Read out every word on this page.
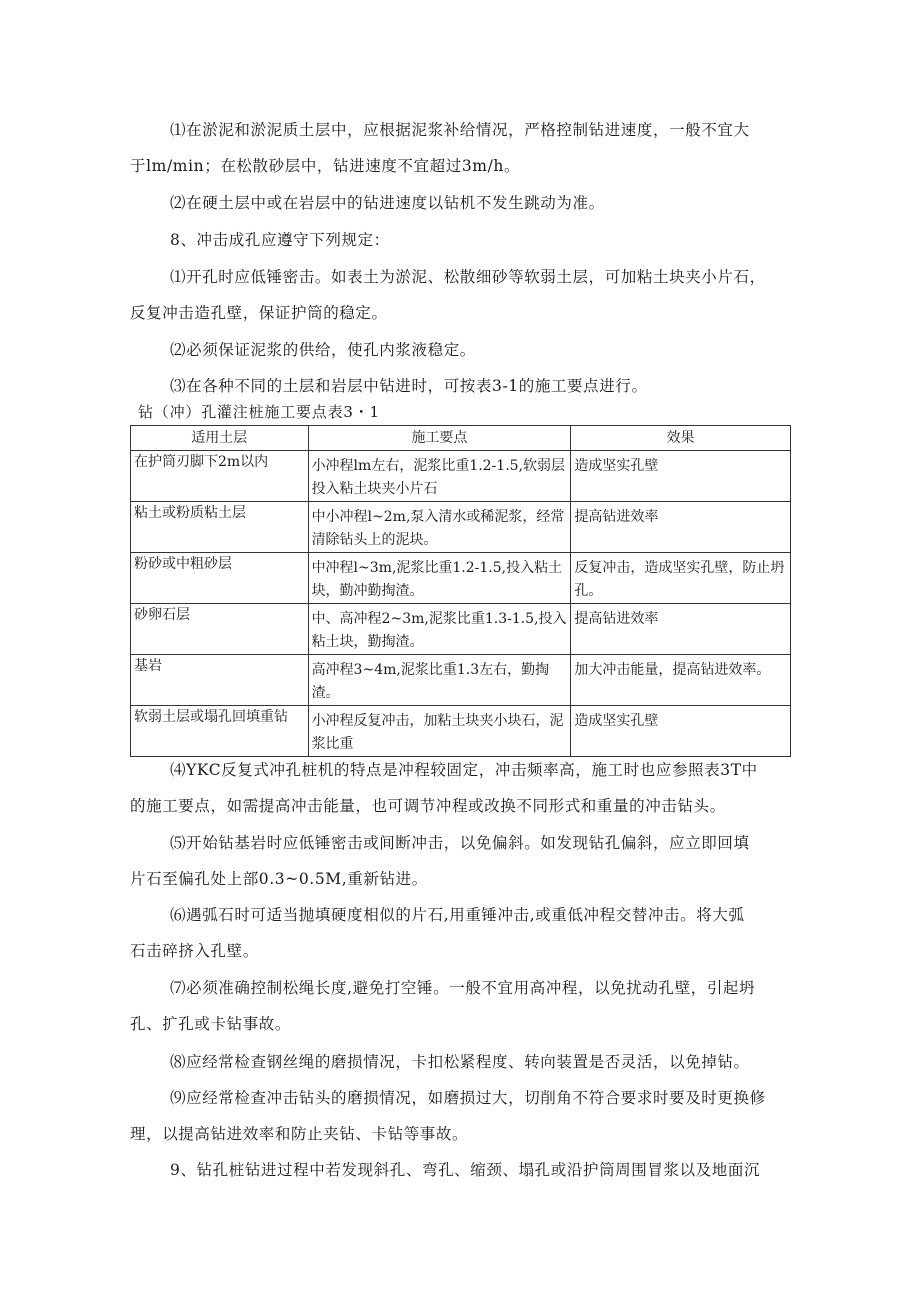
⑴在淤泥和淤泥质土层中，应根据泥浆补给情况，严格控制钻进速度，一般不宜大
于lm/min；在松散砂层中，钻进速度不宜超过3m/h。

⑵在硬土层中或在岩层中的钻进速度以钻机不发生跳动为准。

8、冲击成孔应遵守下列规定：

⑴开孔时应低锤密击。如表土为淤泥、松散细砂等软弱土层，可加粘土块夹小片石，
反复冲击造孔壁，保证护筒的稳定。

⑵必须保证泥浆的供给，使孔内浆液稳定。

⑶在各种不同的土层和岩层中钻进时，可按表3-1的施工要点进行。

钻（冲）孔灌注桩施工要点表3・1
适用土层	施工要点	效果
在护筒刃脚下2m以内	小冲程lm左右，泥浆比重1.2-1.5,软弱层投入粘土块夹小片石	造成坚实孔壁
粘土或粉质粘土层	中小冲程l~2m,泵入清水或稀泥浆，经常清除钻头上的泥块。	提高钻进效率
粉砂或中粗砂层	中冲程l~3m,泥浆比重1.2-1.5,投入粘土块，勤冲勤掏渣。	反复冲击，造成坚实孔壁，防止坍孔。
砂卵石层	中、高冲程2~3m,泥浆比重1.3-1.5,投入粘土块，勤掏渣。	提高钻进效率
基岩	高冲程3~4m,泥浆比重1.3左右，勤掏渣。	加大冲击能量，提高钻进效率。
软弱土层或塌孔回填重钻	小冲程反复冲击，加粘土块夹小块石，泥浆比重	造成坚实孔壁

⑷YKC反复式冲孔桩机的特点是冲程较固定，冲击频率高，施工时也应参照表3T中
的施工要点，如需提高冲击能量，也可调节冲程或改换不同形式和重量的冲击钻头。

⑸开始钻基岩时应低锤密击或间断冲击，以免偏斜。如发现钻孔偏斜，应立即回填
片石至偏孔处上部0.3~0.5M,重新钻进。

⑹遇弧石时可适当抛填硬度相似的片石,用重锤冲击,或重低冲程交替冲击。将大弧
石击碎挤入孔壁。

⑺必须准确控制松绳长度,避免打空锤。一般不宜用高冲程，以免扰动孔壁，引起坍
孔、扩孔或卡钻事故。

⑻应经常检查钢丝绳的磨损情况，卡扣松紧程度、转向装置是否灵活，以免掉钻。

⑼应经常检查冲击钻头的磨损情况，如磨损过大，切削角不符合要求时要及时更换修
理，以提高钻进效率和防止夹钻、卡钻等事故。

9、钻孔桩钻进过程中若发现斜孔、弯孔、缩颈、塌孔或沿护筒周围冒浆以及地面沉
